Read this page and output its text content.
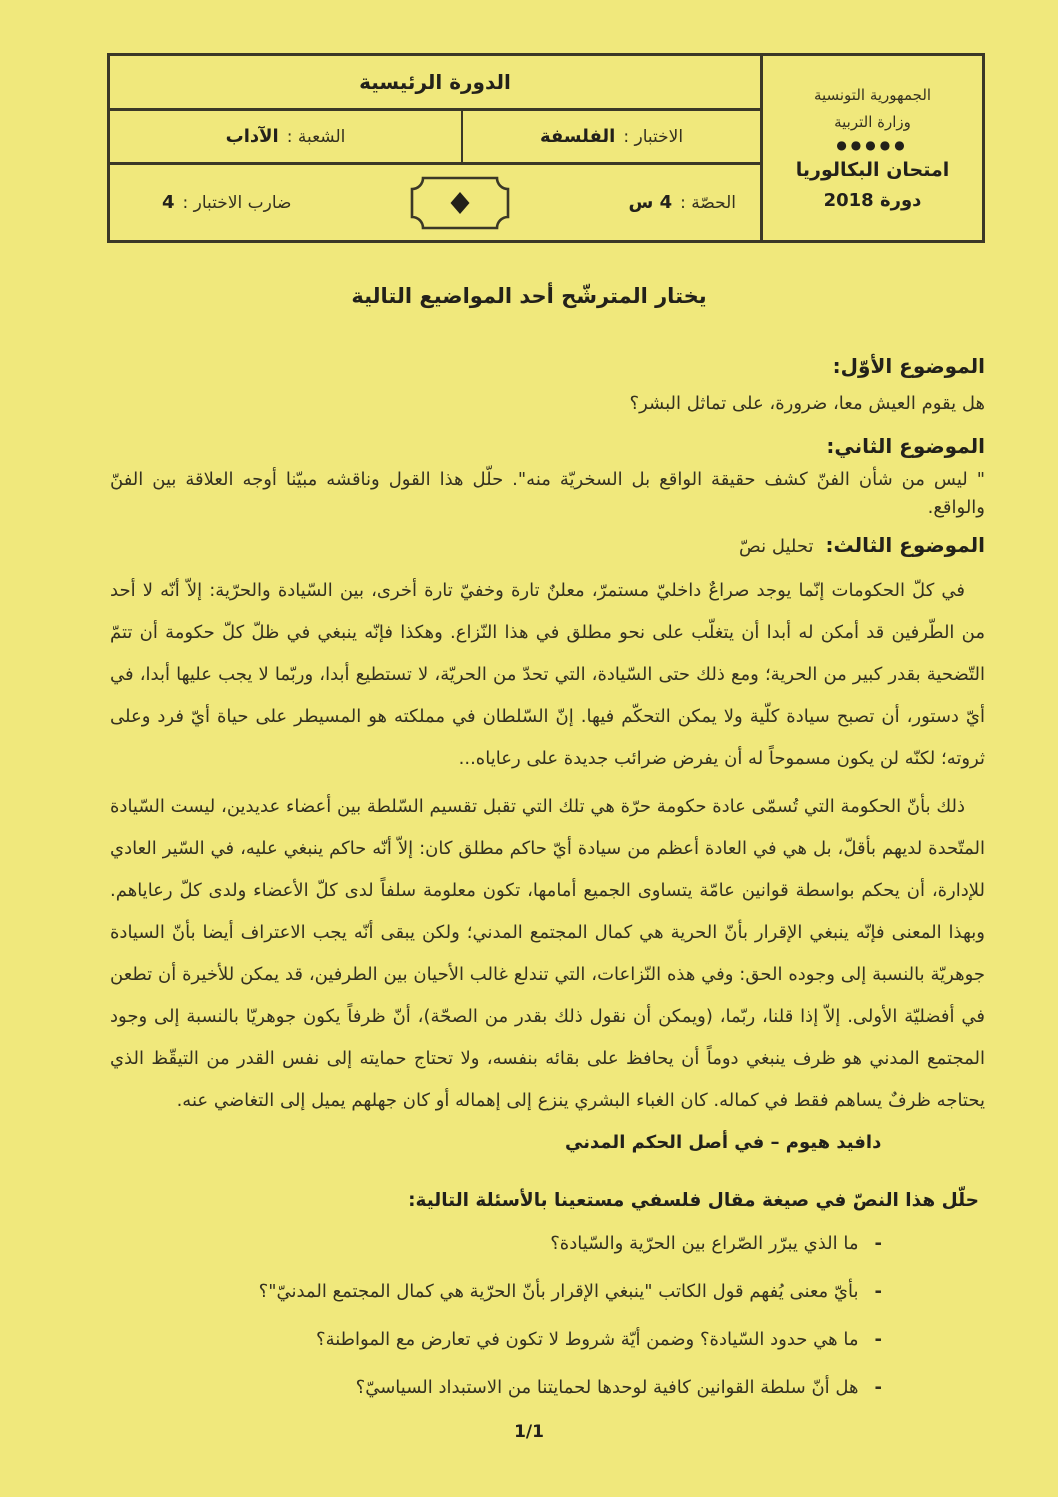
الجمهورية التونسية
وزارة التربية
●●●●●
امتحان البكالوريا
دورة 2018
الدورة الرئيسية
الاختبار :
الفلسفة
الشعبة :
الآداب
الحصّة :
4 س
ضارب الاختبار :
4
يختار المترشّح أحد المواضيع التالية
الموضوع الأوّل:
هل يقوم العيش معا، ضرورة، على تماثل البشر؟
الموضوع الثاني:
" ليس من شأن الفنّ كشف حقيقة الواقع بل السخريّة منه". حلّل هذا القول وناقشه مبيّنا أوجه العلاقة بين الفنّ والواقع.
الموضوع الثالث:
تحليل نصّ
في كلّ الحكومات إنّما يوجد صراعٌ داخليّ مستمرّ، معلنٌ تارة وخفيّ تارة أخرى، بين السّيادة والحرّية: إلاّ أنّه لا أحد من الطّرفين قد أمكن له أبدا أن يتغلّب على نحو مطلق في هذا النّزاع. وهكذا فإنّه ينبغي في ظلّ كلّ حكومة أن تتمّ التّضحية بقدر كبير من الحرية؛ ومع ذلك حتى السّيادة، التي تحدّ من الحريّة، لا تستطيع أبدا، وربّما لا يجب عليها أبدا، في أيّ دستور، أن تصبح سيادة كلّية ولا يمكن التحكّم فيها. إنّ السّلطان في مملكته هو المسيطر على حياة أيّ فرد وعلى ثروته؛ لكنّه لن يكون مسموحاً له أن يفرض ضرائب جديدة على رعاياه...
ذلك بأنّ الحكومة التي تُسمّى عادة حكومة حرّة هي تلك التي تقبل تقسيم السّلطة بين أعضاء عديدين، ليست السّيادة المتّحدة لديهم بأقلّ، بل هي في العادة أعظم من سيادة أيّ حاكم مطلق كان: إلاّ أنّه حاكم ينبغي عليه، في السّير العادي للإدارة، أن يحكم بواسطة قوانين عامّة يتساوى الجميع أمامها، تكون معلومة سلفاً لدى كلّ الأعضاء ولدى كلّ رعاياهم. وبهذا المعنى فإنّه ينبغي الإقرار بأنّ الحرية هي كمال المجتمع المدني؛ ولكن يبقى أنّه يجب الاعتراف أيضا بأنّ السيادة جوهريّة بالنسبة إلى وجوده الحق: وفي هذه النّزاعات، التي تندلع غالب الأحيان بين الطرفين، قد يمكن للأخيرة أن تطعن في أفضليّة الأولى. إلاّ إذا قلنا، ربّما، (ويمكن أن نقول ذلك بقدر من الصحّة)، أنّ ظرفاً يكون جوهريّا بالنسبة إلى وجود المجتمع المدني هو ظرف ينبغي دوماً أن يحافظ على بقائه بنفسه، ولا تحتاج حمايته إلى نفس القدر من التيقّظ الذي يحتاجه ظرفٌ يساهم فقط في كماله. كان الغباء البشري ينزع إلى إهماله أو كان جهلهم يميل إلى التغاضي عنه.
دافيد هيوم – في أصل الحكم المدني
حلّل هذا النصّ في صيغة مقال فلسفي مستعينا بالأسئلة التالية:
-
ما الذي يبرّر الصّراع بين الحرّية والسّيادة؟
-
بأيّ معنى يُفهم قول الكاتب "ينبغي الإقرار بأنّ الحرّية هي كمال المجتمع المدنيّ"؟
-
ما هي حدود السّيادة؟ وضمن أيّة شروط لا تكون في تعارض مع المواطنة؟
-
هل أنّ سلطة القوانين كافية لوحدها لحمايتنا من الاستبداد السياسيّ؟
1/1
